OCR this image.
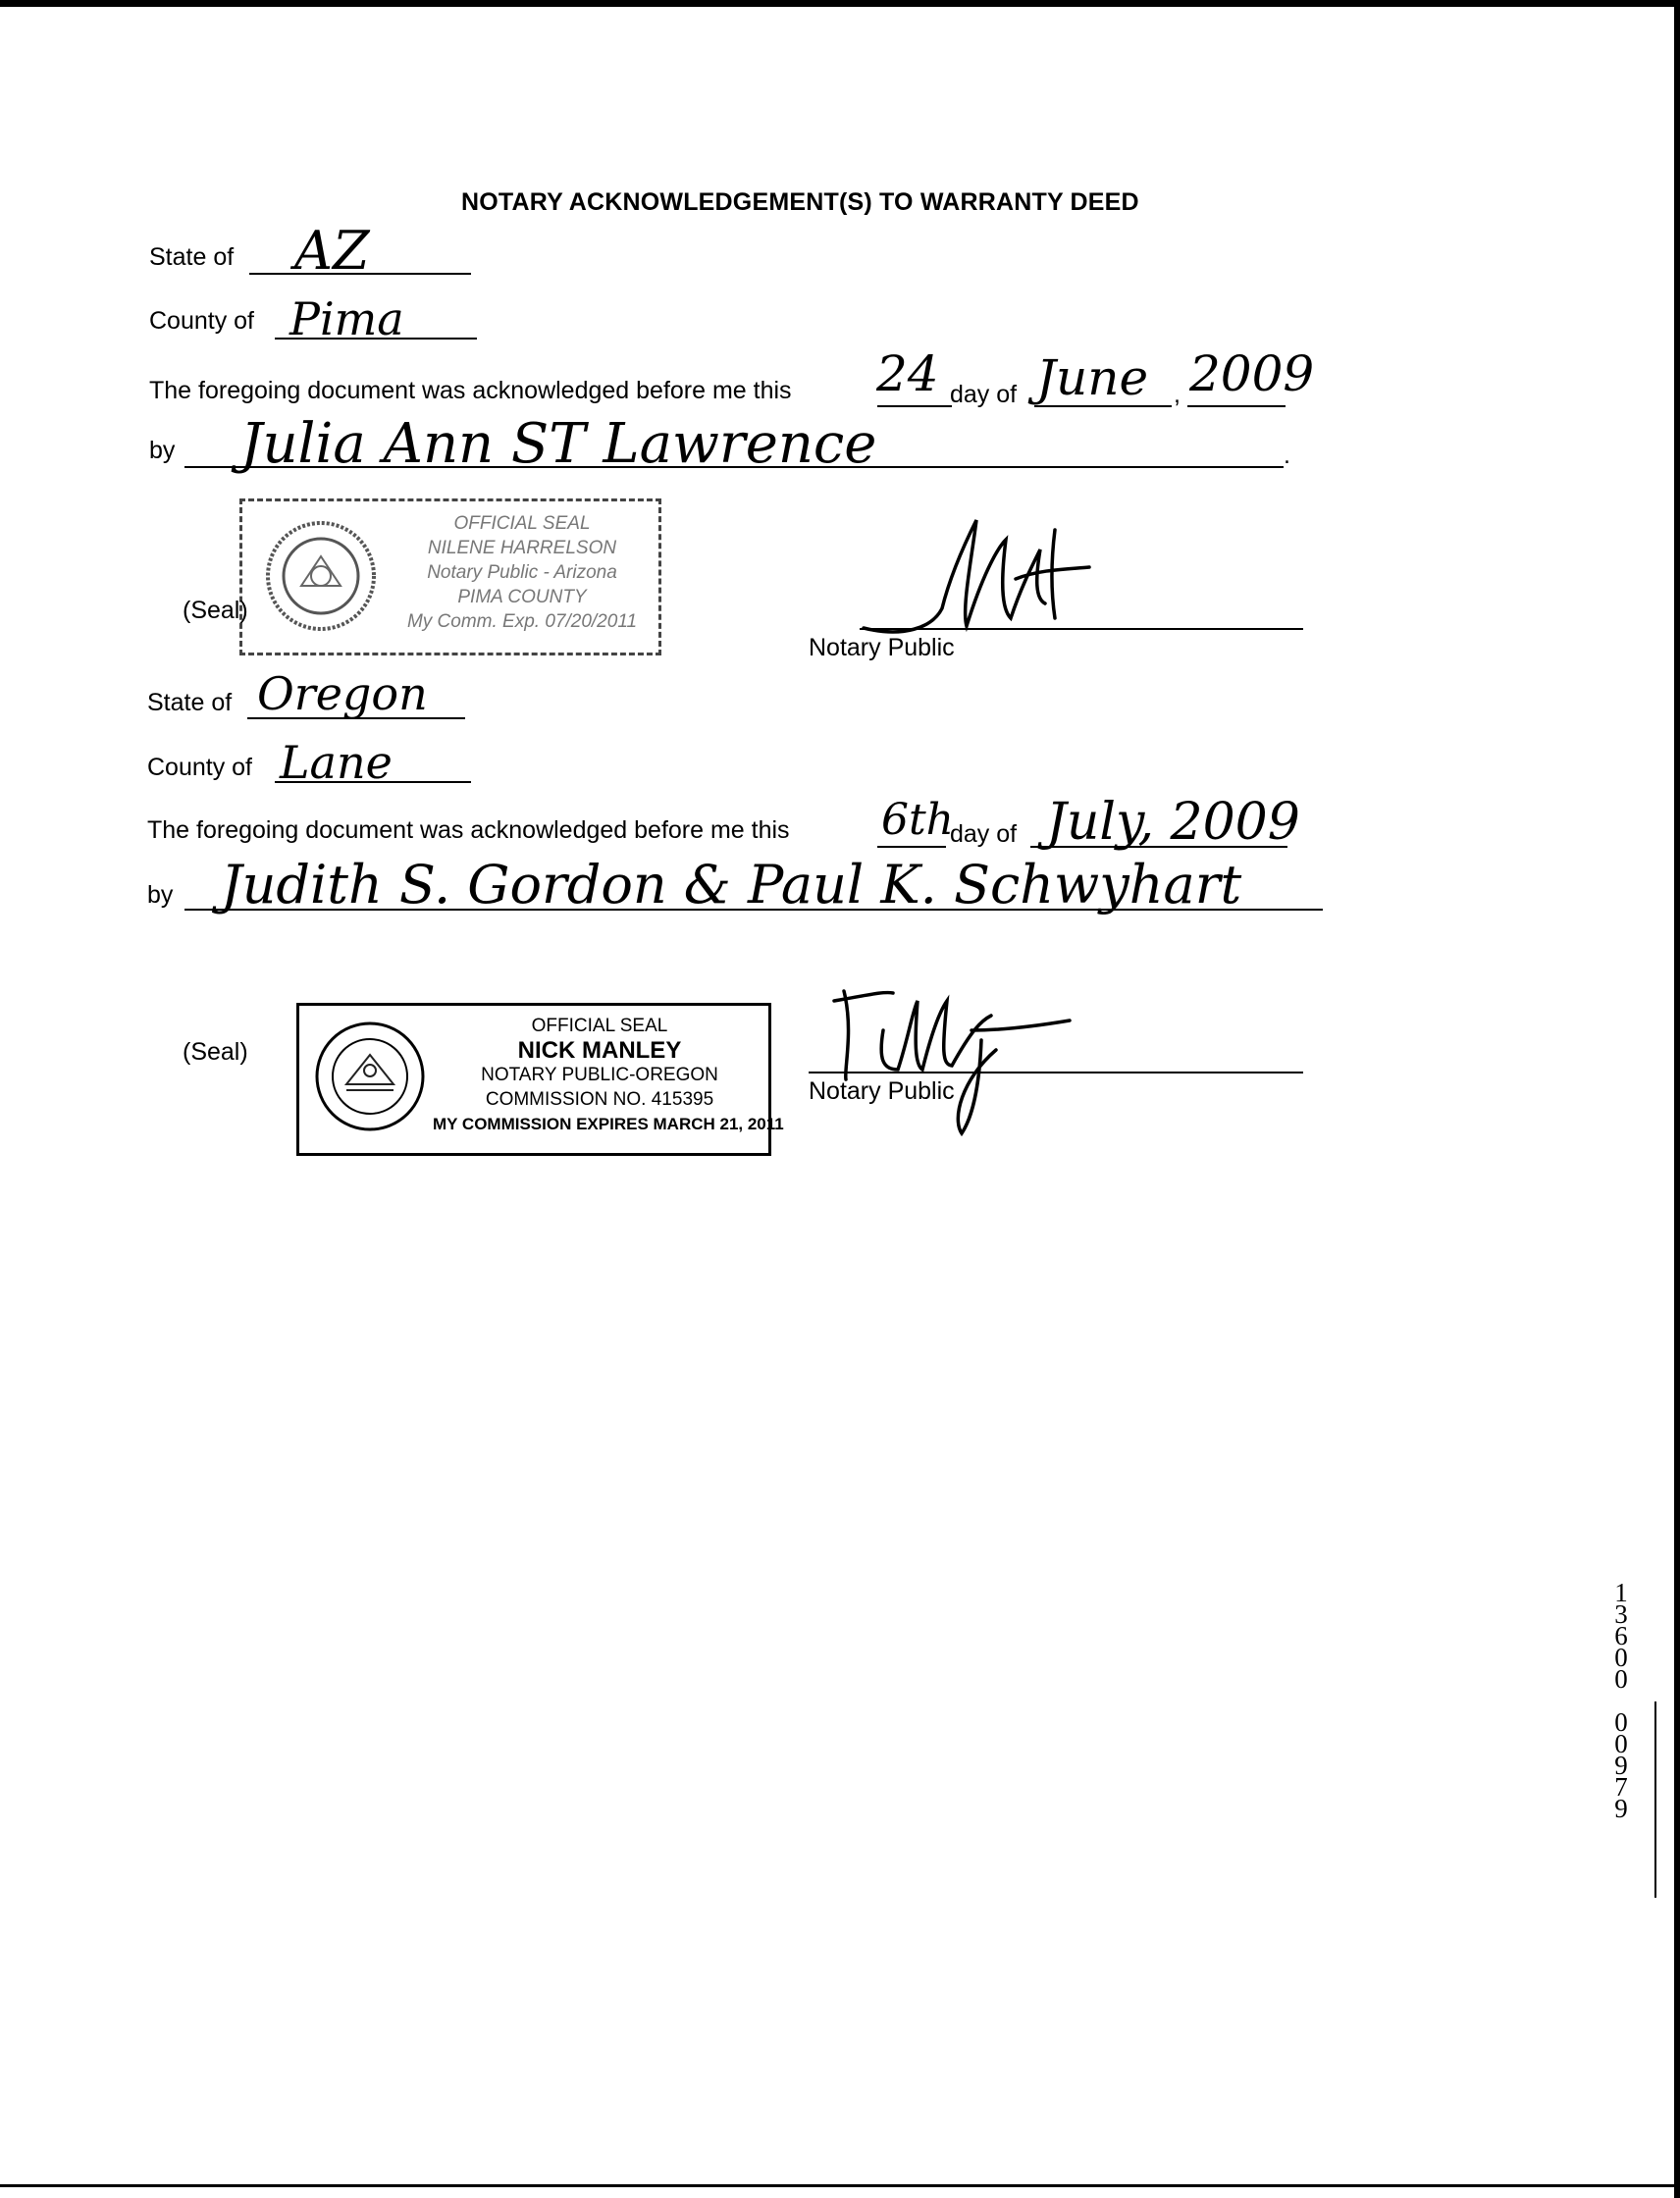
NOTARY ACKNOWLEDGEMENT(S) TO WARRANTY DEED
State of AZ
County of Pima
The foregoing document was acknowledged before me this 24 day of June , 2009
by	.
Julia Ann ST Lawrence
OFFICIAL SEAL
NILENE HARRELSON
Notary Public - Arizona
PIMA COUNTY
My Comm. Exp. 07/20/2011
(Seal)
Notary Public
State of Oregon
County of Lane
The foregoing document was acknowledged before me this 6th
day of July, 2009
by Judith S. Gordon & Paul K. Schwyhart
OFFICIAL SEAL
NICK MANLEY
NOTARY PUBLIC-OREGON
COMMISSION NO. 415395
MY COMMISSION EXPIRES MARCH 21, 2011
(Seal)
Notary Public
1
3
6
0
0

0
0
9
7
9
